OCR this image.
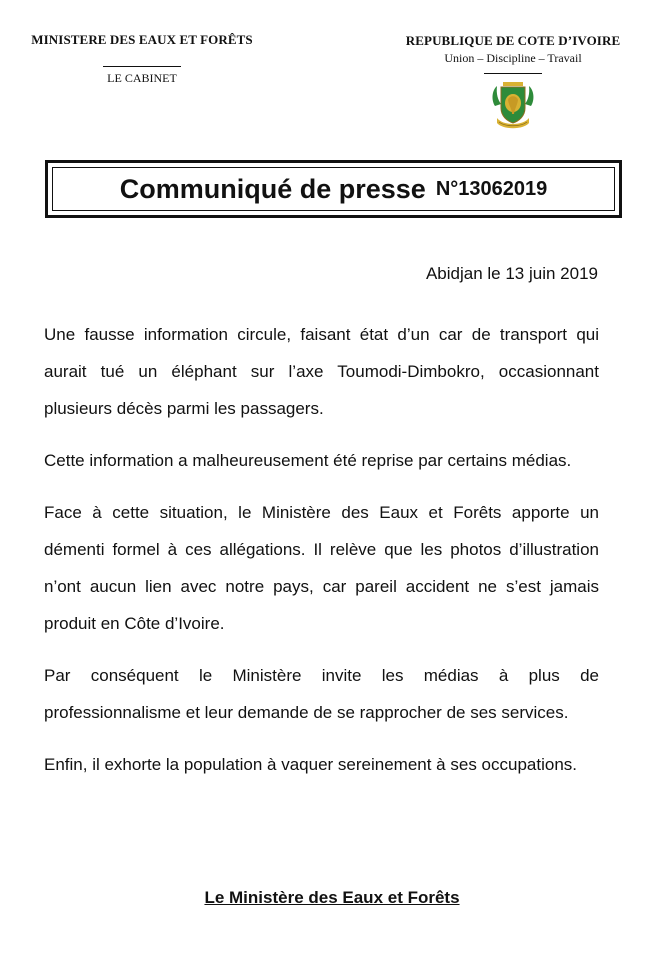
MINISTERE DES EAUX ET FORÊTS
LE CABINET
REPUBLIQUE DE COTE D’IVOIRE
Union – Discipline – Travail
Communiqué de presse N°13062019
Abidjan le 13 juin 2019

Une fausse information circule, faisant état d’un car de transport qui aurait tué un éléphant sur l’axe Toumodi-Dimbokro, occasionnant plusieurs décès parmi les passagers.

Cette information a malheureusement été reprise par certains médias.

Face à cette situation, le Ministère des Eaux et Forêts apporte un démenti formel à ces allégations. Il relève que les photos d’illustration n’ont aucun lien avec notre pays, car pareil accident ne s’est jamais produit en Côte d’Ivoire.

Par conséquent le Ministère invite les médias à plus de professionnalisme et leur demande de se rapprocher de ses services.

Enfin, il exhorte la population à vaquer sereinement à ses occupations.

Le Ministère des Eaux et Forêts
